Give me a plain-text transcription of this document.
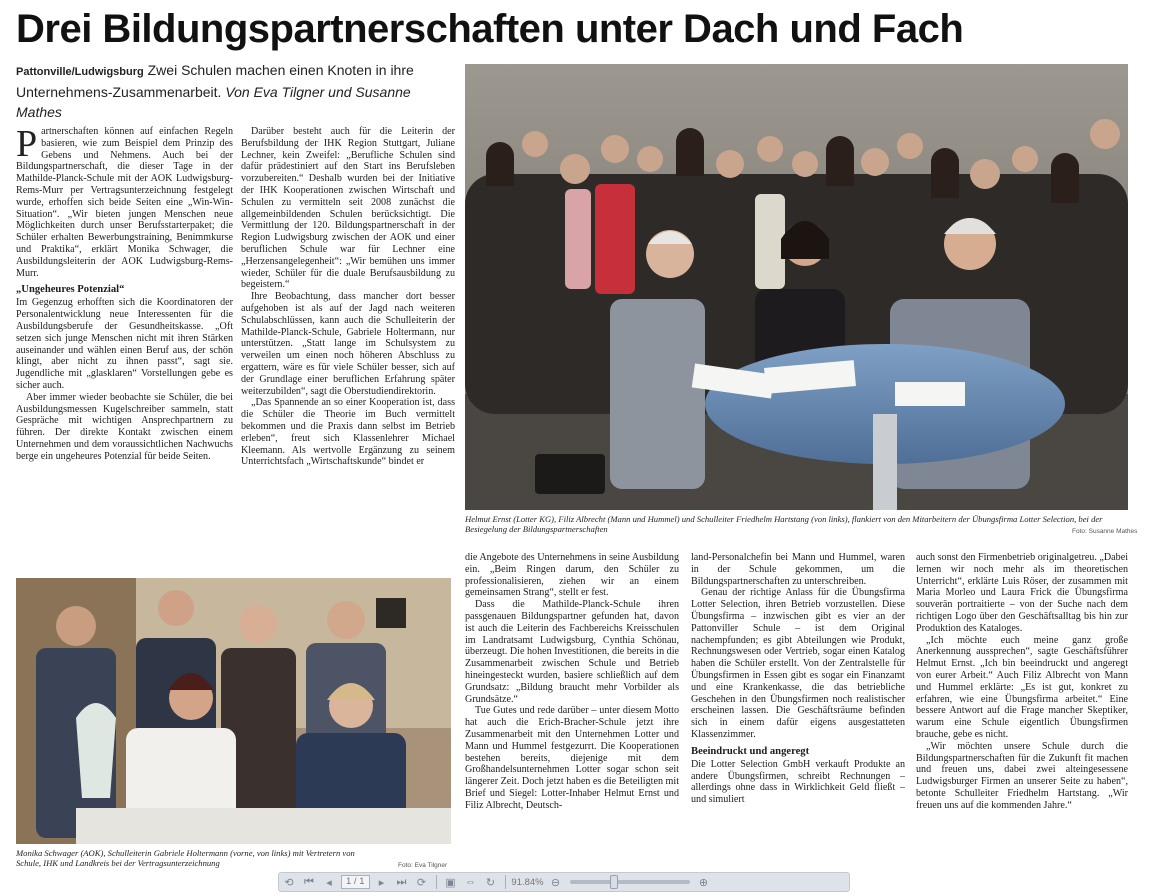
Drei Bildungspartnerschaften unter Dach und Fach
Pattonville/Ludwigsburg Zwei Schulen machen einen Knoten in ihre Unternehmens-Zusammenarbeit. Von Eva Tilgner und Susanne Mathes

Partnerschaften können auf einfachen Regeln basieren, wie zum Beispiel dem Prinzip des Gebens und Nehmens. Auch bei der Bildungspartnerschaft, die dieser Tage in der Mathilde-Planck-Schule mit der AOK Ludwigsburg-Rems-Murr per Vertragsunterzeichnung festgelegt wurde, erhoffen sich beide Seiten eine „Win-Win-Situation“. „Wir bieten jungen Menschen neue Möglichkeiten durch unser Berufsstarterpaket; die Schüler erhalten Bewerbungstraining, Benimmkurse und Praktika“, erklärt Monika Schwager, die Ausbildungsleiterin der AOK Ludwigsburg-Rems-Murr.

„Ungeheures Potenzial“

Im Gegenzug erhofften sich die Koordinatoren der Personalentwicklung neue Interessenten für die Ausbildungsberufe der Gesundheitskasse. „Oft setzen sich junge Menschen nicht mit ihren Stärken auseinander und wählen einen Beruf aus, der schön klingt, aber nicht zu ihnen passt“, sagt sie. Jugendliche mit „glasklaren“ Vorstellungen gebe es sicher auch.

Aber immer wieder beobachte sie Schüler, die bei Ausbildungsmessen Kugelschreiber sammeln, statt Gespräche mit wichtigen Ansprechpartnern zu führen. Der direkte Kontakt zwischen einem Unternehmen und dem voraussichtlichen Nachwuchs berge ein ungeheures Potenzial für beide Seiten.

Darüber besteht auch für die Leiterin der Berufsbildung der IHK Region Stuttgart, Juliane Lechner, kein Zweifel: „Berufliche Schulen sind dafür prädestiniert auf den Start ins Berufsleben vorzubereiten.“ Deshalb wurden bei der Initiative der IHK Kooperationen zwischen Wirtschaft und Schulen zu vermitteln seit 2008 zunächst die allgemeinbildenden Schulen berücksichtigt. Die Vermittlung der 120. Bildungspartnerschaft in der Region Ludwigsburg zwischen der AOK und einer beruflichen Schule war für Lechner eine „Herzensangelegenheit“: „Wir bemühen uns immer wieder, Schüler für die duale Berufsausbildung zu begeistern.“

Ihre Beobachtung, dass mancher dort besser aufgehoben ist als auf der Jagd nach weiteren Schulabschlüssen, kann auch die Schulleiterin der Mathilde-Planck-Schule, Gabriele Holtermann, nur unterstützen. „Statt lange im Schulsystem zu verweilen um einen noch höheren Abschluss zu ergattern, wäre es für viele Schüler besser, sich auf der Grundlage einer beruflichen Erfahrung später weiterzubilden“, sagt die Oberstudiendirektorin.

„Das Spannende an so einer Kooperation ist, dass die Schüler die Theorie im Buch vermittelt bekommen und die Praxis dann selbst im Betrieb erleben“, freut sich Klassenlehrer Michael Kleemann. Als wertvolle Ergänzung zu seinem Unterrichtsfach „Wirtschaftskunde“ bindet er

Helmut Ernst (Lotter KG), Filiz Albrecht (Mann und Hummel) und Schulleiter Friedhelm Hartstang (von links), flankiert von den Mitarbeitern der Übungsfirma Lotter Selection, bei der Besiegelung der Bildungspartnerschaften	Foto: Susanne Mathes
Monika Schwager (AOK), Schulleiterin Gabriele Holtermann (vorne, von links) mit Vertretern von Schule, IHK und Landkreis bei der Vertragsunterzeichnung	Foto: Eva Tilgner

die Angebote des Unternehmens in seine Ausbildung ein. „Beim Ringen darum, den Schüler zu professionalisieren, ziehen wir an einem gemeinsamen Strang“, stellt er fest.

Dass die Mathilde-Planck-Schule ihren passgenauen Bildungspartner gefunden hat, davon ist auch die Leiterin des Fachbereichs Kreisschulen im Landratsamt Ludwigsburg, Cynthia Schönau, überzeugt. Die hohen Investitionen, die bereits in die Zusammenarbeit zwischen Schule und Betrieb hineingesteckt wurden, basiere schließlich auf dem Grundsatz: „Bildung braucht mehr Vorbilder als Grundsätze.“

Tue Gutes und rede darüber – unter diesem Motto hat auch die Erich-Bracher-Schule jetzt ihre Zusammenarbeit mit den Unternehmen Lotter und Mann und Hummel festgezurrt. Die Kooperationen bestehen bereits, diejenige mit dem Großhandelsunternehmen Lotter sogar schon seit längerer Zeit. Doch jetzt haben es die Beteiligten mit Brief und Siegel: Lotter-Inhaber Helmut Ernst und Filiz Albrecht, Deutsch-

land-Personalchefin bei Mann und Hummel, waren in der Schule gekommen, um die Bildungspartnerschaften zu unterschreiben.

Genau der richtige Anlass für die Übungsfirma Lotter Selection, ihren Betrieb vorzustellen. Diese Übungsfirma – inzwischen gibt es vier an der Pattonviller Schule – ist dem Original nachempfunden; es gibt Abteilungen wie Produkt, Rechnungswesen oder Vertrieb, sogar einen Katalog haben die Schüler erstellt. Von der Zentralstelle für Übungsfirmen in Essen gibt es sogar ein Finanzamt und eine Krankenkasse, die das betriebliche Geschehen in den Übungsfirmen noch realistischer erscheinen lassen. Die Geschäftsräume befinden sich in einem dafür eigens ausgestatteten Klassenzimmer.

Beeindruckt und angeregt

Die Lotter Selection GmbH verkauft Produkte an andere Übungsfirmen, schreibt Rechnungen – allerdings ohne dass in Wirklichkeit Geld fließt – und simuliert

auch sonst den Firmenbetrieb originalgetreu. „Dabei lernen wir noch mehr als im theoretischen Unterricht“, erklärte Luis Röser, der zusammen mit Maria Morleo und Laura Frick die Übungsfirma souverän portraitierte – von der Suche nach dem richtigen Logo über den Geschäftsalltag bis hin zur Produktion des Kataloges.

„Ich möchte euch meine ganz große Anerkennung aussprechen“, sagte Geschäftsführer Helmut Ernst. „Ich bin beeindruckt und angeregt von eurer Arbeit.“ Auch Filiz Albrecht von Mann und Hummel erklärte: „Es ist gut, konkret zu erfahren, wie eine Übungsfirma arbeitet.“ Eine bessere Antwort auf die Frage mancher Skeptiker, warum eine Schule eigentlich Übungsfirmen brauche, gebe es nicht.

„Wir möchten unsere Schule durch die Bildungspartnerschaften für die Zukunft fit machen und freuen uns, dabei zwei alteingesessene Ludwigsburger Firmen an unserer Seite zu haben“, betonte Schulleiter Friedhelm Hartstang. „Wir freuen uns auf die kommenden Jahre.“

⟲ ⏮	◂	1 / 1	▸	⏭ ⟳	▣ ⇔ ↻	91.84% ⊖	⊕
